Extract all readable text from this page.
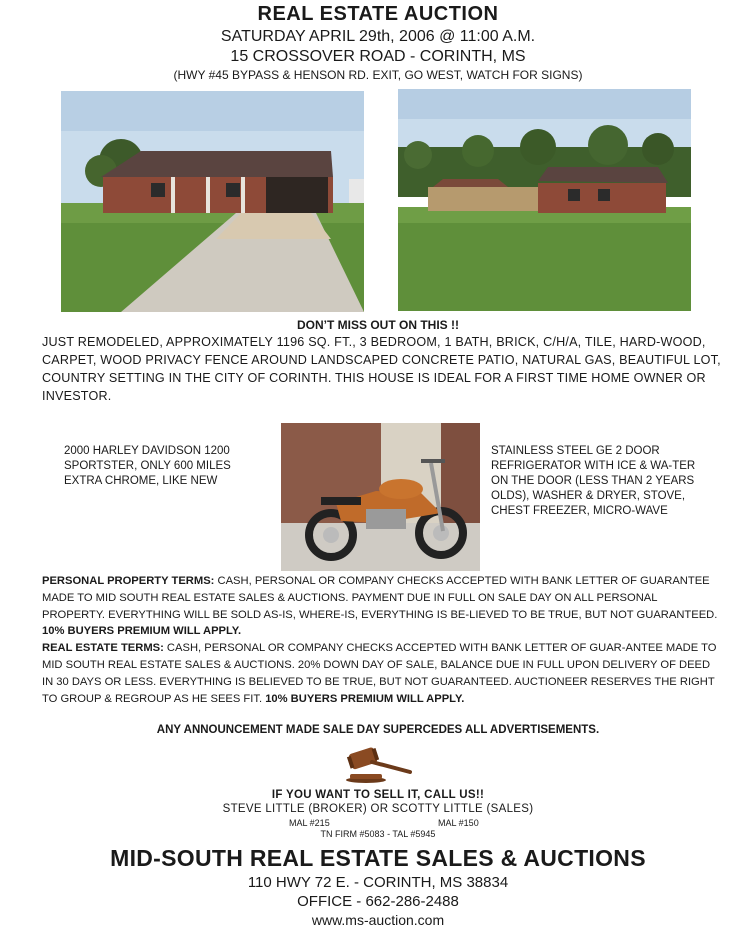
REAL ESTATE AUCTION
SATURDAY APRIL 29th, 2006 @ 11:00 A.M.
15 CROSSOVER ROAD - CORINTH, MS
(HWY #45 BYPASS & HENSON RD. EXIT, GO WEST, WATCH FOR SIGNS)
DON’T MISS OUT ON THIS !!
JUST REMODELED, APPROXIMATELY 1196 SQ. FT., 3 BEDROOM, 1 BATH, BRICK, C/H/A, TILE, HARD-WOOD, CARPET, WOOD PRIVACY FENCE AROUND LANDSCAPED CONCRETE PATIO, NATURAL GAS, BEAUTIFUL LOT, COUNTRY SETTING IN THE CITY OF CORINTH. THIS HOUSE IS IDEAL FOR A FIRST TIME HOME OWNER OR INVESTOR.
2000 HARLEY DAVIDSON 1200 SPORTSTER, ONLY 600 MILES EXTRA CHROME, LIKE NEW
STAINLESS STEEL GE 2 DOOR REFRIGERATOR WITH ICE & WA-TER ON THE DOOR (LESS THAN 2 YEARS OLDS), WASHER & DRYER, STOVE, CHEST FREEZER, MICRO-WAVE
PERSONAL PROPERTY TERMS: CASH, PERSONAL OR COMPANY CHECKS ACCEPTED WITH BANK LETTER OF GUARANTEE MADE TO MID SOUTH REAL ESTATE SALES & AUCTIONS. PAYMENT DUE IN FULL ON SALE DAY ON ALL PERSONAL PROPERTY. EVERYTHING WILL BE SOLD AS-IS, WHERE-IS, EVERYTHING IS BE-LIEVED TO BE TRUE, BUT NOT GUARANTEED. 10% BUYERS PREMIUM WILL APPLY.
REAL ESTATE TERMS: CASH, PERSONAL OR COMPANY CHECKS ACCEPTED WITH BANK LETTER OF GUAR-ANTEE MADE TO MID SOUTH REAL ESTATE SALES & AUCTIONS. 20% DOWN DAY OF SALE, BALANCE DUE IN FULL UPON DELIVERY OF DEED IN 30 DAYS OR LESS. EVERYTHING IS BELIEVED TO BE TRUE, BUT NOT GUARANTEED. AUCTIONEER RESERVES THE RIGHT TO GROUP & REGROUP AS HE SEES FIT. 10% BUYERS PREMIUM WILL APPLY.
ANY ANNOUNCEMENT MADE SALE DAY SUPERCEDES ALL ADVERTISEMENTS.
IF YOU WANT TO SELL IT, CALL US!!
STEVE LITTLE (BROKER) OR SCOTTY LITTLE (SALES)
MAL #215	MAL #150
TN FIRM #5083 - TAL #5945
MID-SOUTH REAL ESTATE SALES & AUCTIONS
110 HWY 72 E. - CORINTH, MS 38834
OFFICE - 662-286-2488
www.ms-auction.com
